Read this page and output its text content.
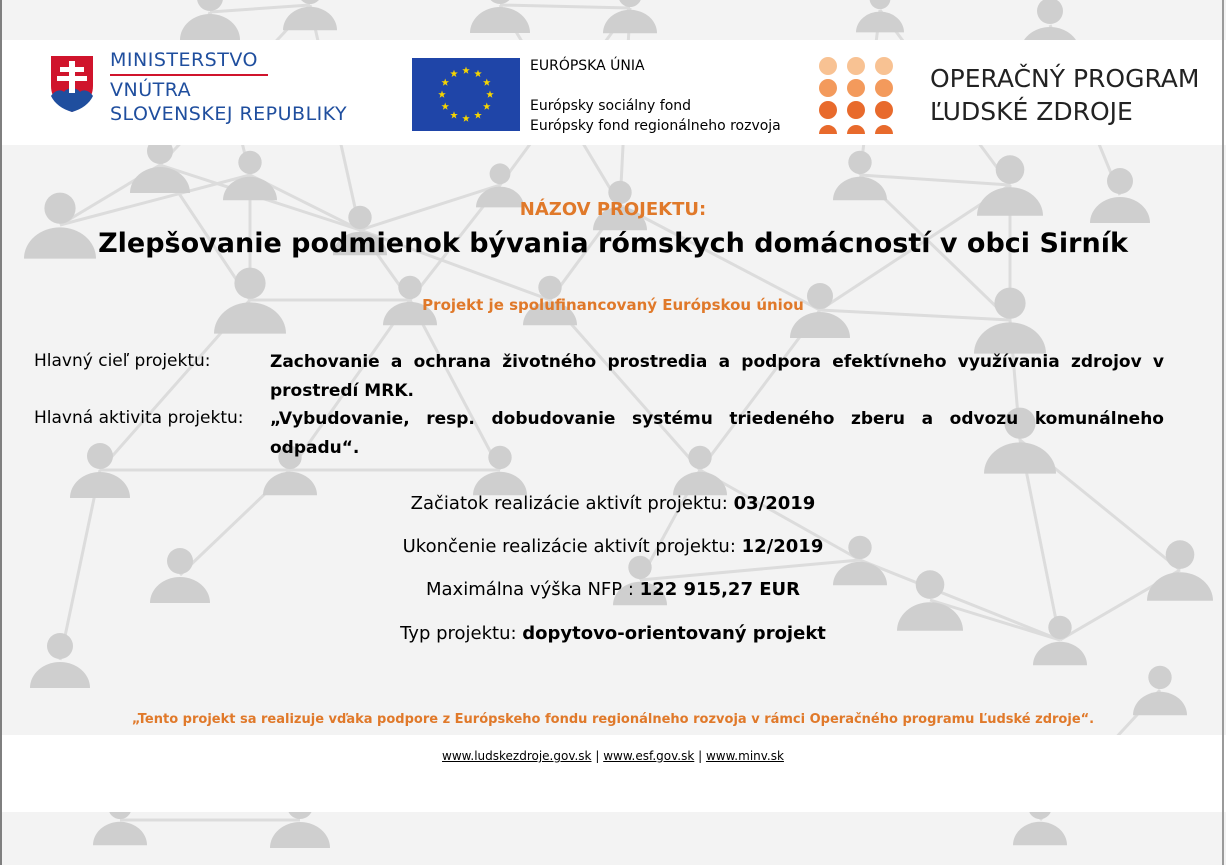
MINISTERSTVO
VNÚTRA
SLOVENSKEJ REPUBLIKY
EURÓPSKA ÚNIA
Európsky sociálny fond
Európsky fond regionálneho rozvoja
OPERAČNÝ PROGRAM
ĽUDSKÉ ZDROJE
NÁZOV PROJEKTU:
Zlepšovanie podmienok bývania rómskych domácností v obci Sirník
Projekt je spolufinancovaný Európskou úniou
Hlavný cieľ projektu:	Zachovanie a ochrana životného prostredia a podpora efektívneho využívania zdrojov v prostredí MRK.
Hlavná aktivita projektu: „Vybudovanie, resp. dobudovanie systému triedeného zberu a odvozu komunálneho odpadu“.
Začiatok realizácie aktivít projektu: 03/2019
Ukončenie realizácie aktivít projektu: 12/2019
Maximálna výška NFP : 122 915,27 EUR
Typ projektu: dopytovo-orientovaný projekt
„Tento projekt sa realizuje vďaka podpore z Európskeho fondu regionálneho rozvoja v rámci Operačného programu Ľudské zdroje“.
www.ludskezdroje.gov.sk | www.esf.gov.sk | www.minv.sk
